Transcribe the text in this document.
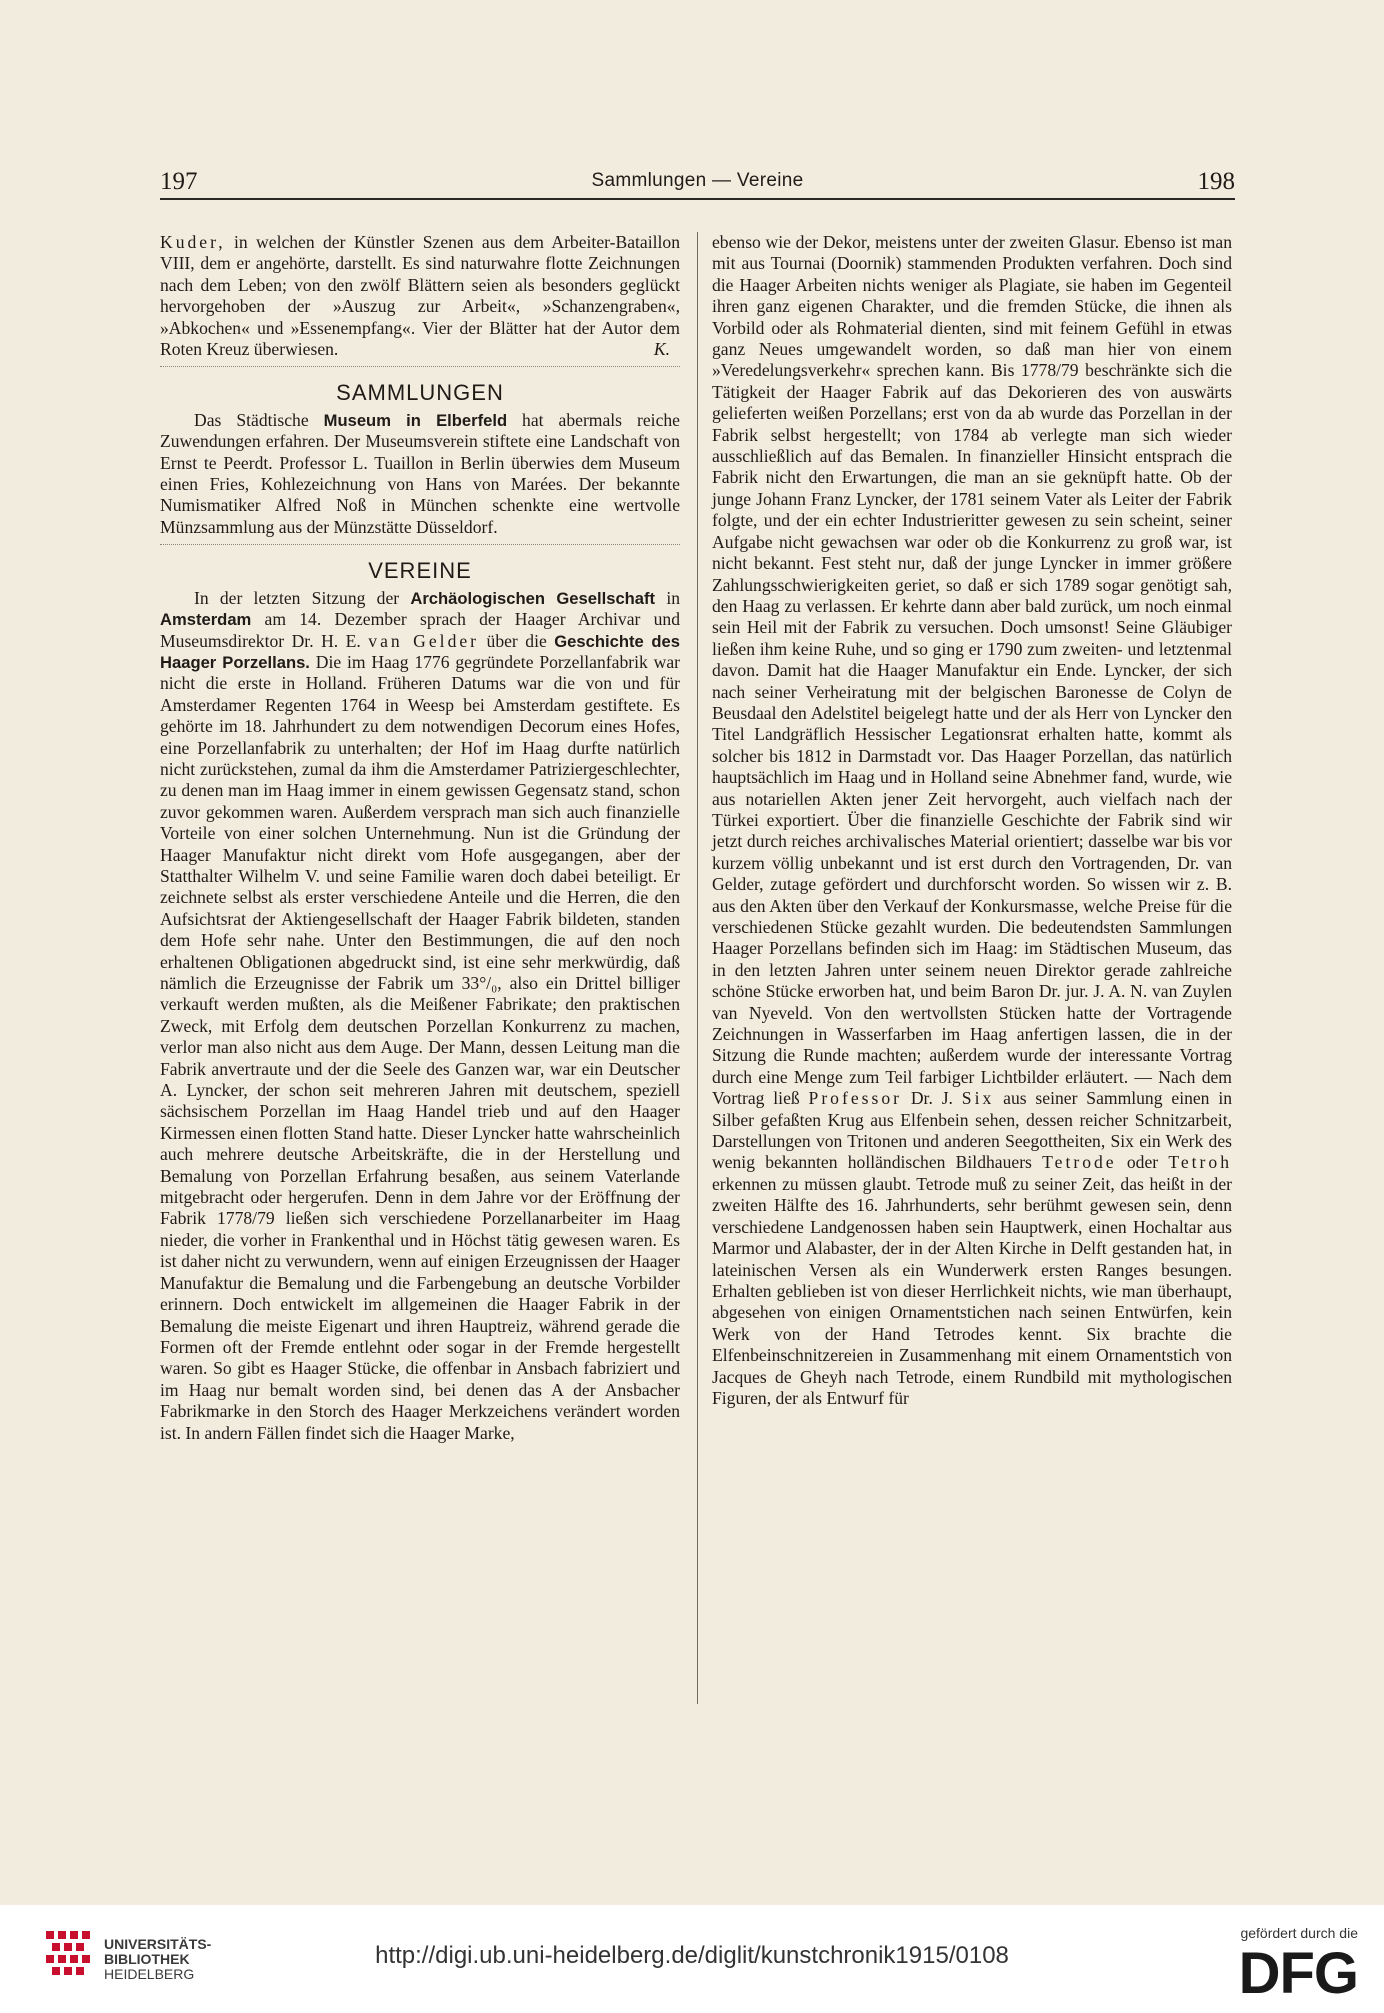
197	Sammlungen — Vereine	198

Kuder, in welchen der Künstler Szenen aus dem Arbeiter-Bataillon VIII, dem er angehörte, darstellt. Es sind naturwahre flotte Zeichnungen nach dem Leben; von den zwölf Blättern seien als besonders geglückt hervorgehoben der »Auszug zur Arbeit«, »Schanzengraben«, »Abkochen« und »Essenempfang«. Vier der Blätter hat der Autor dem Roten Kreuz überwiesen.	K.

SAMMLUNGEN

Das Städtische Museum in Elberfeld hat abermals reiche Zuwendungen erfahren. Der Museumsverein stiftete eine Landschaft von Ernst te Peerdt. Professor L. Tuaillon in Berlin überwies dem Museum einen Fries, Kohlezeichnung von Hans von Marées. Der bekannte Numismatiker Alfred Noß in München schenkte eine wertvolle Münzsammlung aus der Münzstätte Düsseldorf.

VEREINE

In der letzten Sitzung der Archäologischen Gesellschaft in Amsterdam am 14. Dezember sprach der Haager Archivar und Museumsdirektor Dr. H. E. van Gelder über die Geschichte des Haager Porzellans. Die im Haag 1776 gegründete Porzellanfabrik war nicht die erste in Holland. Früheren Datums war die von und für Amsterdamer Regenten 1764 in Weesp bei Amsterdam gestiftete. Es gehörte im 18. Jahrhundert zu dem notwendigen Decorum eines Hofes, eine Porzellanfabrik zu unterhalten; der Hof im Haag durfte natürlich nicht zurückstehen, zumal da ihm die Amsterdamer Patriziergeschlechter, zu denen man im Haag immer in einem gewissen Gegensatz stand, schon zuvor gekommen waren. Außerdem versprach man sich auch finanzielle Vorteile von einer solchen Unternehmung. Nun ist die Gründung der Haager Manufaktur nicht direkt vom Hofe ausgegangen, aber der Statthalter Wilhelm V. und seine Familie waren doch dabei beteiligt. Er zeichnete selbst als erster verschiedene Anteile und die Herren, die den Aufsichtsrat der Aktiengesellschaft der Haager Fabrik bildeten, standen dem Hofe sehr nahe. Unter den Bestimmungen, die auf den noch erhaltenen Obligationen abgedruckt sind, ist eine sehr merkwürdig, daß nämlich die Erzeugnisse der Fabrik um 33°/₀, also ein Drittel billiger verkauft werden mußten, als die Meißener Fabrikate; den praktischen Zweck, mit Erfolg dem deutschen Porzellan Konkurrenz zu machen, verlor man also nicht aus dem Auge. Der Mann, dessen Leitung man die Fabrik anvertraute und der die Seele des Ganzen war, war ein Deutscher A. Lyncker, der schon seit mehreren Jahren mit deutschem, speziell sächsischem Porzellan im Haag Handel trieb und auf den Haager Kirmessen einen flotten Stand hatte. Dieser Lyncker hatte wahrscheinlich auch mehrere deutsche Arbeitskräfte, die in der Herstellung und Bemalung von Porzellan Erfahrung besaßen, aus seinem Vaterlande mitgebracht oder hergerufen. Denn in dem Jahre vor der Eröffnung der Fabrik 1778/79 ließen sich verschiedene Porzellanarbeiter im Haag nieder, die vorher in Frankenthal und in Höchst tätig gewesen waren. Es ist daher nicht zu verwundern, wenn auf einigen Erzeugnissen der Haager Manufaktur die Bemalung und die Farbengebung an deutsche Vorbilder erinnern. Doch entwickelt im allgemeinen die Haager Fabrik in der Bemalung die meiste Eigenart und ihren Hauptreiz, während gerade die Formen oft der Fremde entlehnt oder sogar in der Fremde hergestellt waren. So gibt es Haager Stücke, die offenbar in Ansbach fabriziert und im Haag nur bemalt worden sind, bei denen das A der Ansbacher Fabrikmarke in den Storch des Haager Merkzeichens verändert worden ist. In andern Fällen findet sich die Haager Marke,

ebenso wie der Dekor, meistens unter der zweiten Glasur. Ebenso ist man mit aus Tournai (Doornik) stammenden Produkten verfahren. Doch sind die Haager Arbeiten nichts weniger als Plagiate, sie haben im Gegenteil ihren ganz eigenen Charakter, und die fremden Stücke, die ihnen als Vorbild oder als Rohmaterial dienten, sind mit feinem Gefühl in etwas ganz Neues umgewandelt worden, so daß man hier von einem »Veredelungsverkehr« sprechen kann. Bis 1778/79 beschränkte sich die Tätigkeit der Haager Fabrik auf das Dekorieren des von auswärts gelieferten weißen Porzellans; erst von da ab wurde das Porzellan in der Fabrik selbst hergestellt; von 1784 ab verlegte man sich wieder ausschließlich auf das Bemalen. In finanzieller Hinsicht entsprach die Fabrik nicht den Erwartungen, die man an sie geknüpft hatte. Ob der junge Johann Franz Lyncker, der 1781 seinem Vater als Leiter der Fabrik folgte, und der ein echter Industrieritter gewesen zu sein scheint, seiner Aufgabe nicht gewachsen war oder ob die Konkurrenz zu groß war, ist nicht bekannt. Fest steht nur, daß der junge Lyncker in immer größere Zahlungsschwierigkeiten geriet, so daß er sich 1789 sogar genötigt sah, den Haag zu verlassen. Er kehrte dann aber bald zurück, um noch einmal sein Heil mit der Fabrik zu versuchen. Doch umsonst! Seine Gläubiger ließen ihm keine Ruhe, und so ging er 1790 zum zweiten- und letztenmal davon. Damit hat die Haager Manufaktur ein Ende. Lyncker, der sich nach seiner Verheiratung mit der belgischen Baronesse de Colyn de Beusdaal den Adelstitel beigelegt hatte und der als Herr von Lyncker den Titel Landgräflich Hessischer Legationsrat erhalten hatte, kommt als solcher bis 1812 in Darmstadt vor. Das Haager Porzellan, das natürlich hauptsächlich im Haag und in Holland seine Abnehmer fand, wurde, wie aus notariellen Akten jener Zeit hervorgeht, auch vielfach nach der Türkei exportiert. Über die finanzielle Geschichte der Fabrik sind wir jetzt durch reiches archivalisches Material orientiert; dasselbe war bis vor kurzem völlig unbekannt und ist erst durch den Vortragenden, Dr. van Gelder, zutage gefördert und durchforscht worden. So wissen wir z. B. aus den Akten über den Verkauf der Konkursmasse, welche Preise für die verschiedenen Stücke gezahlt wurden. Die bedeutendsten Sammlungen Haager Porzellans befinden sich im Haag: im Städtischen Museum, das in den letzten Jahren unter seinem neuen Direktor gerade zahlreiche schöne Stücke erworben hat, und beim Baron Dr. jur. J. A. N. van Zuylen van Nyeveld. Von den wertvollsten Stücken hatte der Vortragende Zeichnungen in Wasserfarben im Haag anfertigen lassen, die in der Sitzung die Runde machten; außerdem wurde der interessante Vortrag durch eine Menge zum Teil farbiger Lichtbilder erläutert. — Nach dem Vortrag ließ Professor Dr. J. Six aus seiner Sammlung einen in Silber gefaßten Krug aus Elfenbein sehen, dessen reicher Schnitzarbeit, Darstellungen von Tritonen und anderen Seegottheiten, Six ein Werk des wenig bekannten holländischen Bildhauers Tetrode oder Tetroh erkennen zu müssen glaubt. Tetrode muß zu seiner Zeit, das heißt in der zweiten Hälfte des 16. Jahrhunderts, sehr berühmt gewesen sein, denn verschiedene Landgenossen haben sein Hauptwerk, einen Hochaltar aus Marmor und Alabaster, der in der Alten Kirche in Delft gestanden hat, in lateinischen Versen als ein Wunderwerk ersten Ranges besungen. Erhalten geblieben ist von dieser Herrlichkeit nichts, wie man überhaupt, abgesehen von einigen Ornamentstichen nach seinen Entwürfen, kein Werk von der Hand Tetrodes kennt. Six brachte die Elfenbeinschnitzereien in Zusammenhang mit einem Ornamentstich von Jacques de Gheyh nach Tetrode, einem Rundbild mit mythologischen Figuren, der als Entwurf für

UNIVERSITÄTS-
BIBLIOTHEK
HEIDELBERG
http://digi.ub.uni-heidelberg.de/diglit/kunstchronik1915/0108
gefördert durch die
DFG
